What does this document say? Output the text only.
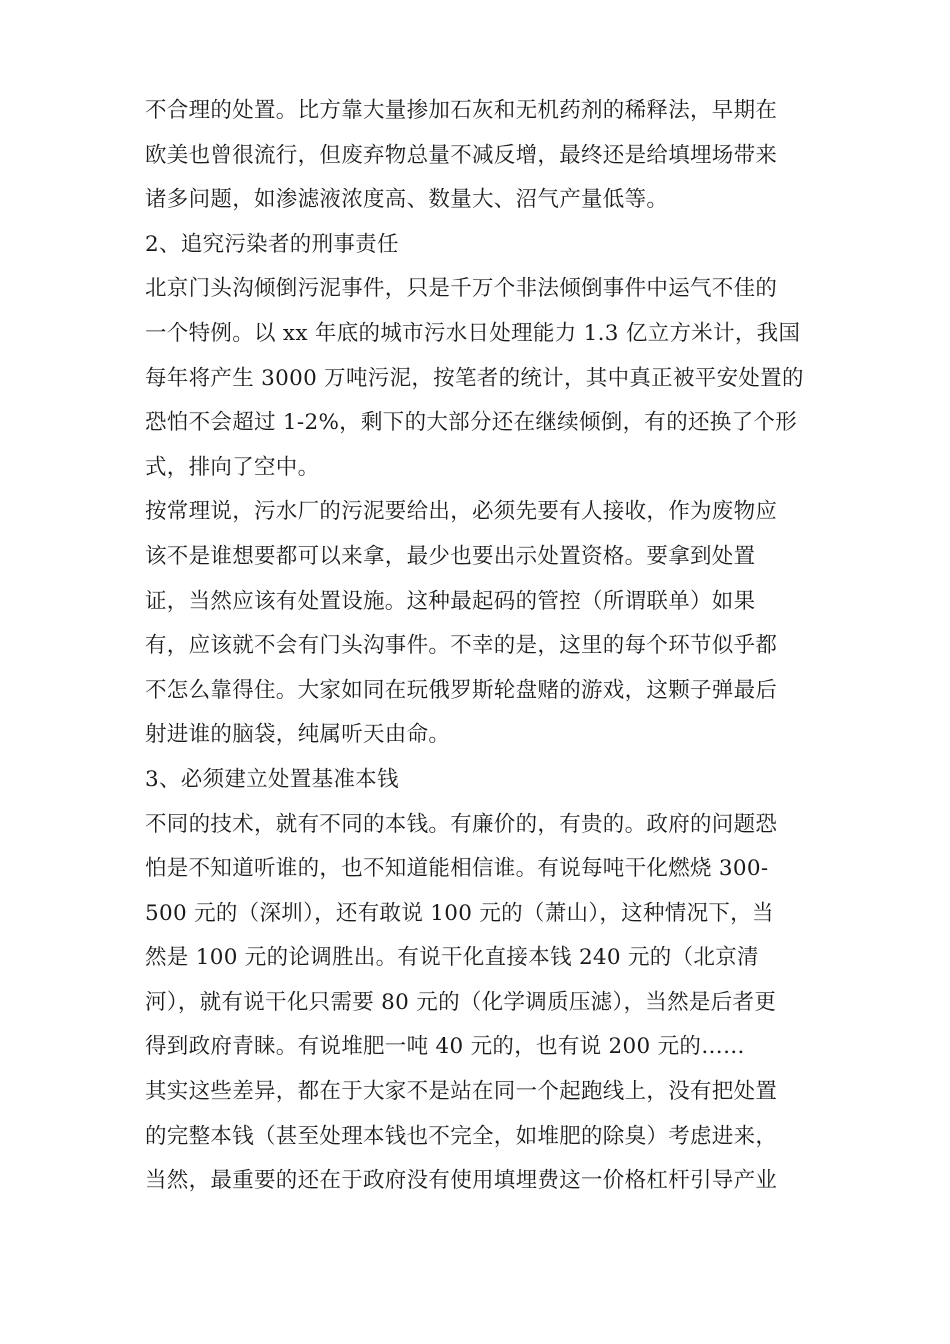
不合理的处置。比方靠大量掺加石灰和无机药剂的稀释法，早期在
欧美也曾很流行，但废弃物总量不减反增，最终还是给填埋场带来
诸多问题，如渗滤液浓度高、数量大、沼气产量低等。
2、追究污染者的刑事责任
北京门头沟倾倒污泥事件，只是千万个非法倾倒事件中运气不佳的
一个特例。以 xx 年底的城市污水日处理能力 1.3 亿立方米计，我国
每年将产生 3000 万吨污泥，按笔者的统计，其中真正被平安处置的
恐怕不会超过 1-2%，剩下的大部分还在继续倾倒，有的还换了个形
式，排向了空中。
按常理说，污水厂的污泥要给出，必须先要有人接收，作为废物应
该不是谁想要都可以来拿，最少也要出示处置资格。要拿到处置
证，当然应该有处置设施。这种最起码的管控（所谓联单）如果
有，应该就不会有门头沟事件。不幸的是，这里的每个环节似乎都
不怎么靠得住。大家如同在玩俄罗斯轮盘赌的游戏，这颗子弹最后
射进谁的脑袋，纯属听天由命。
3、必须建立处置基准本钱
不同的技术，就有不同的本钱。有廉价的，有贵的。政府的问题恐
怕是不知道听谁的，也不知道能相信谁。有说每吨干化燃烧 300-
500 元的（深圳），还有敢说 100 元的（萧山），这种情况下，当
然是 100 元的论调胜出。有说干化直接本钱 240 元的（北京清
河），就有说干化只需要 80 元的（化学调质压滤），当然是后者更
得到政府青睐。有说堆肥一吨 40 元的，也有说 200 元的……
其实这些差异，都在于大家不是站在同一个起跑线上，没有把处置
的完整本钱（甚至处理本钱也不完全，如堆肥的除臭）考虑进来，
当然，最重要的还在于政府没有使用填埋费这一价格杠杆引导产业
